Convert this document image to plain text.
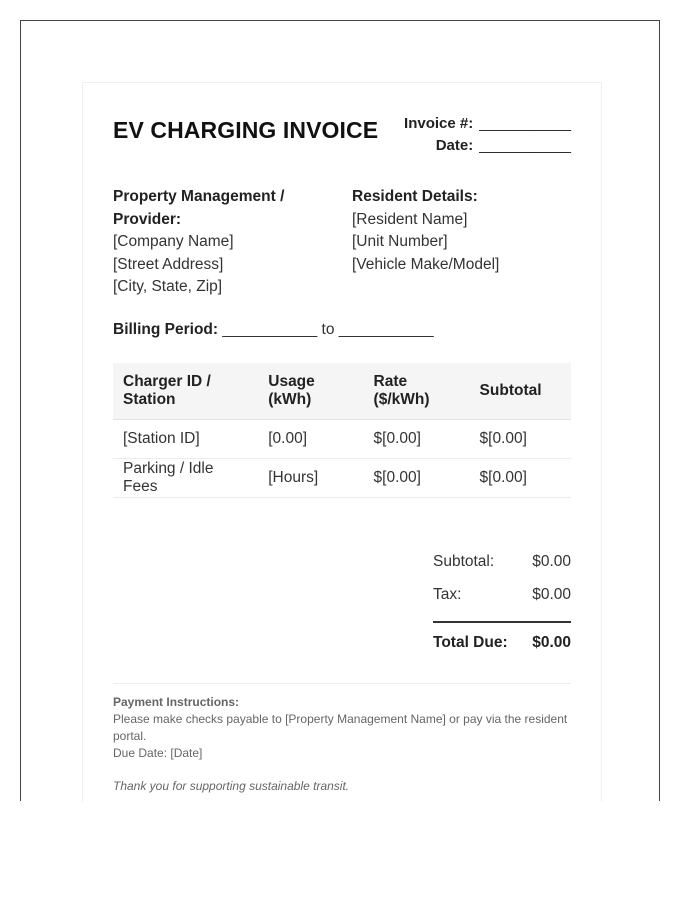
EV CHARGING INVOICE Invoice #: ___________
Date: ___________
Property Management / Provider:
[Company Name]
[Street Address]
[City, State, Zip]
Resident Details:
[Resident Name]
[Unit Number]
[Vehicle Make/Model]
Billing Period: ___________ to ___________
Charger ID / Station	Usage (kWh)	Rate ($/kWh)	Subtotal
[Station ID]	[0.00]	$[0.00]	$[0.00]
Parking / Idle Fees	[Hours]	$[0.00]	$[0.00]
Subtotal: $0.00
Tax:	$0.00
Total Due: $0.00
Payment Instructions:
Please make checks payable to [Property Management Name] or pay via the resident portal.
Due Date: [Date]
Thank you for supporting sustainable transit.
